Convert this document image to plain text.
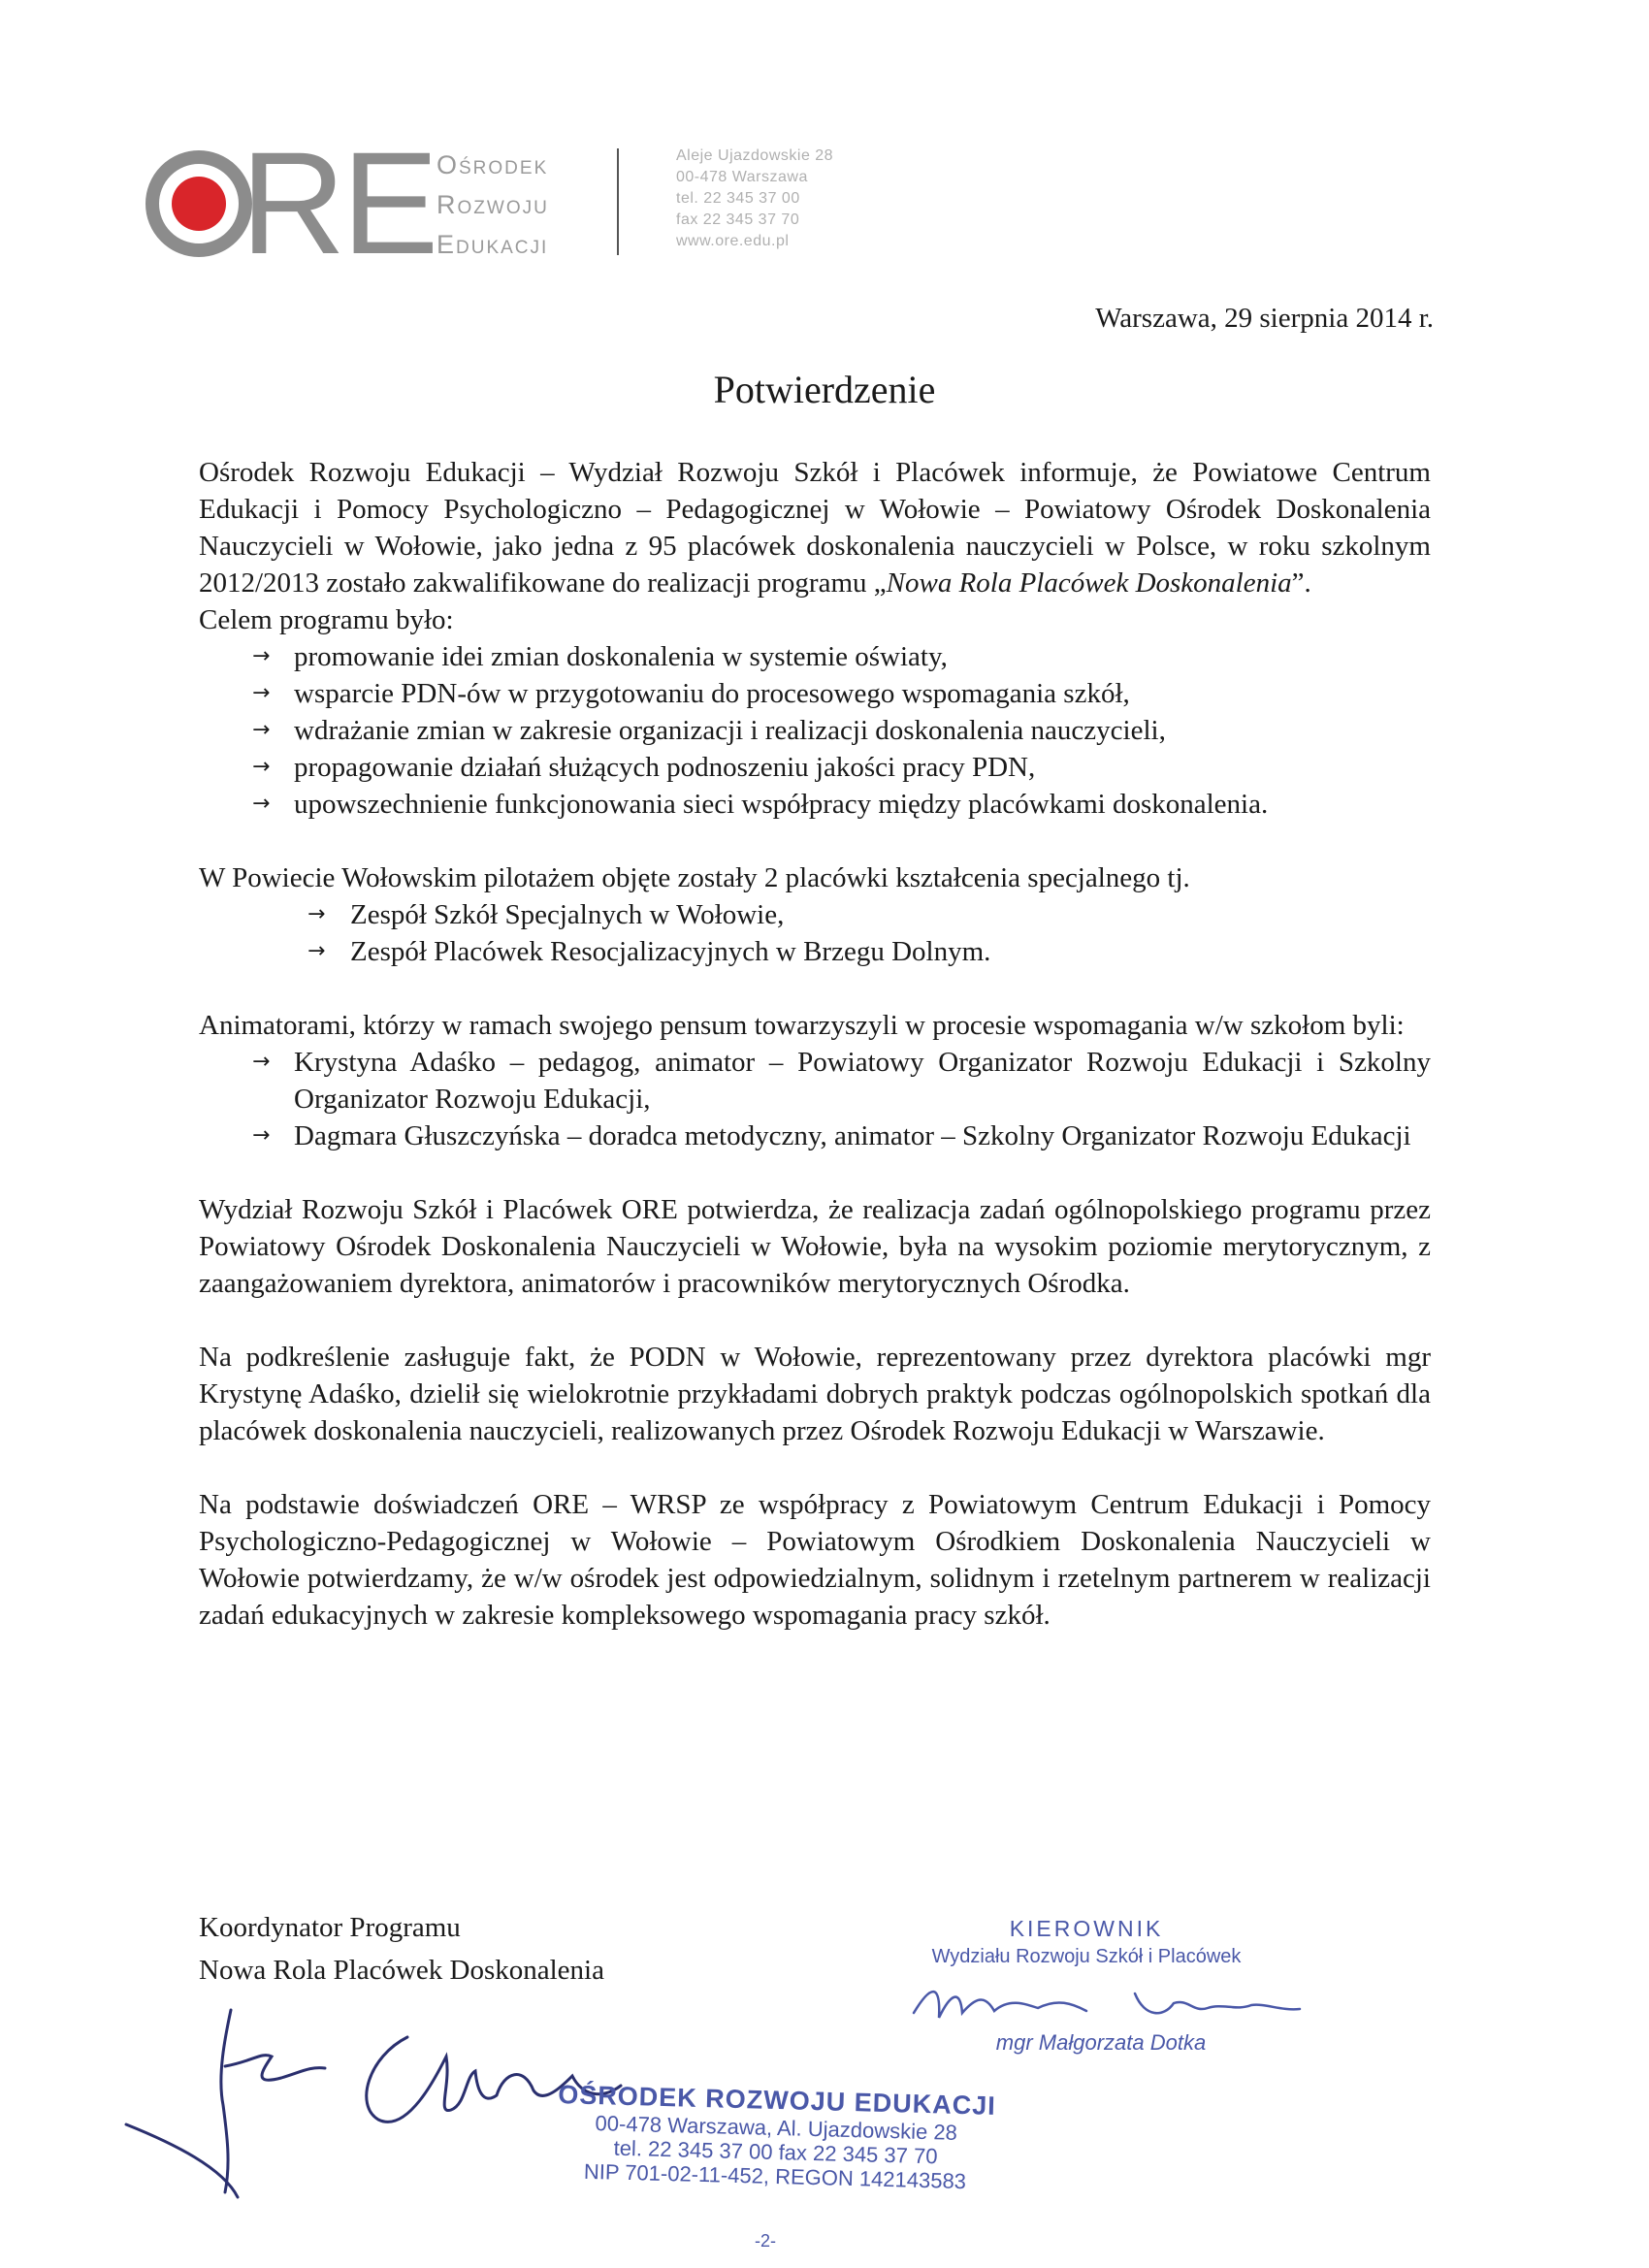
RE Ośrodek
Rozwoju
Edukacji
Aleje Ujazdowskie 28
00-478 Warszawa
tel. 22 345 37 00
fax 22 345 37 70
www.ore.edu.pl
Warszawa, 29 sierpnia 2014 r.
Potwierdzenie

Ośrodek Rozwoju Edukacji – Wydział Rozwoju Szkół i Placówek informuje, że Powiatowe Centrum Edukacji i Pomocy Psychologiczno – Pedagogicznej w Wołowie – Powiatowy Ośrodek Doskonalenia Nauczycieli w Wołowie, jako jedna z 95 placówek doskonalenia nauczycieli w Polsce, w roku szkolnym 2012/2013 zostało zakwalifikowane do realizacji programu „Nowa Rola Placówek Doskonalenia”.

Celem programu było:

→ promowanie idei zmian doskonalenia w systemie oświaty,
→ wsparcie PDN-ów w przygotowaniu do procesowego wspomagania szkół,
→ wdrażanie zmian w zakresie organizacji i realizacji doskonalenia nauczycieli,
→ propagowanie działań służących podnoszeniu jakości pracy PDN,
→ upowszechnienie funkcjonowania sieci współpracy między placówkami doskonalenia.

W Powiecie Wołowskim pilotażem objęte zostały 2 placówki kształcenia specjalnego tj.

→ Zespół Szkół Specjalnych w Wołowie,
→ Zespół Placówek Resocjalizacyjnych w Brzegu Dolnym.

Animatorami, którzy w ramach swojego pensum towarzyszyli w procesie wspomagania w/w szkołom byli:

→ Krystyna Adaśko – pedagog, animator – Powiatowy Organizator Rozwoju Edukacji i Szkolny Organizator Rozwoju Edukacji,
→ Dagmara Głuszczyńska – doradca metodyczny, animator – Szkolny Organizator Rozwoju Edukacji

Wydział Rozwoju Szkół i Placówek ORE potwierdza, że realizacja zadań ogólnopolskiego programu przez Powiatowy Ośrodek Doskonalenia Nauczycieli w Wołowie, była na wysokim poziomie merytorycznym, z zaangażowaniem dyrektora, animatorów i pracowników merytorycznych Ośrodka.

Na podkreślenie zasługuje fakt, że PODN w Wołowie, reprezentowany przez dyrektora placówki mgr Krystynę Adaśko, dzielił się wielokrotnie przykładami dobrych praktyk podczas ogólnopolskich spotkań dla placówek doskonalenia nauczycieli, realizowanych przez Ośrodek Rozwoju Edukacji w Warszawie.

Na podstawie doświadczeń ORE – WRSP ze współpracy z Powiatowym Centrum Edukacji i Pomocy Psychologiczno-Pedagogicznej w Wołowie – Powiatowym Ośrodkiem Doskonalenia Nauczycieli w Wołowie potwierdzamy, że w/w ośrodek jest odpowiedzialnym, solidnym i rzetelnym partnerem w realizacji zadań edukacyjnych w zakresie kompleksowego wspomagania pracy szkół.

Koordynator Programu
Nowa Rola Placówek Doskonalenia
KIEROWNIK
Wydziału Rozwoju Szkół i Placówek
mgr Małgorzata Dotka
OŚRODEK ROZWOJU EDUKACJI
00-478 Warszawa, Al. Ujazdowskie 28
tel. 22 345 37 00 fax 22 345 37 70
NIP 701-02-11-452, REGON 142143583
-2-
